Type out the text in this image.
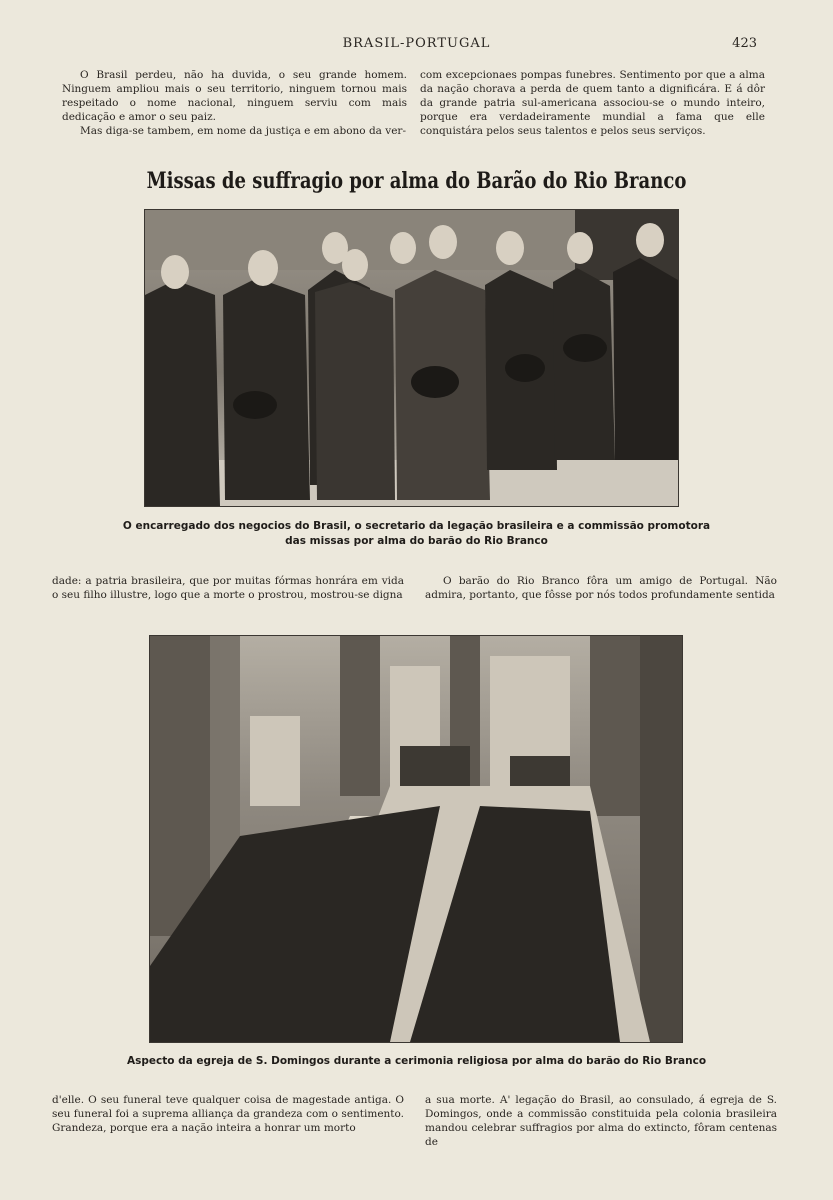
BRASIL-PORTUGAL	423

O Brasil perdeu, não ha duvida, o seu grande homem. Ninguem ampliou mais o seu territorio, ninguem tornou mais respeitado o nome nacional, ninguem serviu com mais dedicação e amor o seu paiz.

Mas diga-se tambem, em nome da justiça e em abono da ver-

com excepcionaes pompas funebres. Sentimento por que a alma da nação chorava a perda de quem tanto a dignificára. E á dôr da grande patria sul-americana associou-se o mundo inteiro, porque era verdadeiramente mundial a fama que elle conquistára pelos seus talentos e pelos seus serviços.

Missas de suffragio por alma do Barão do Rio Branco
O encarregado dos negocios do Brasil, o secretario da legação brasileira e a commissão promotora
das missas por alma do barão do Rio Branco

dade: a patria brasileira, que por muitas fórmas honrára em vida o seu filho illustre, logo que a morte o prostrou, mostrou-se digna

O barão do Rio Branco fôra um amigo de Portugal. Não admira, portanto, que fôsse por nós todos profundamente sentida

Aspecto da egreja de S. Domingos durante a cerimonia religiosa por alma do barão do Rio Branco

d'elle. O seu funeral teve qualquer coisa de magestade antiga. O seu funeral foi a suprema alliança da grandeza com o sentimento. Grandeza, porque era a nação inteira a honrar um morto

a sua morte. A' legação do Brasil, ao consulado, á egreja de S. Domingos, onde a commissão constituida pela colonia brasileira mandou celebrar suffragios por alma do extincto, fôram centenas de
